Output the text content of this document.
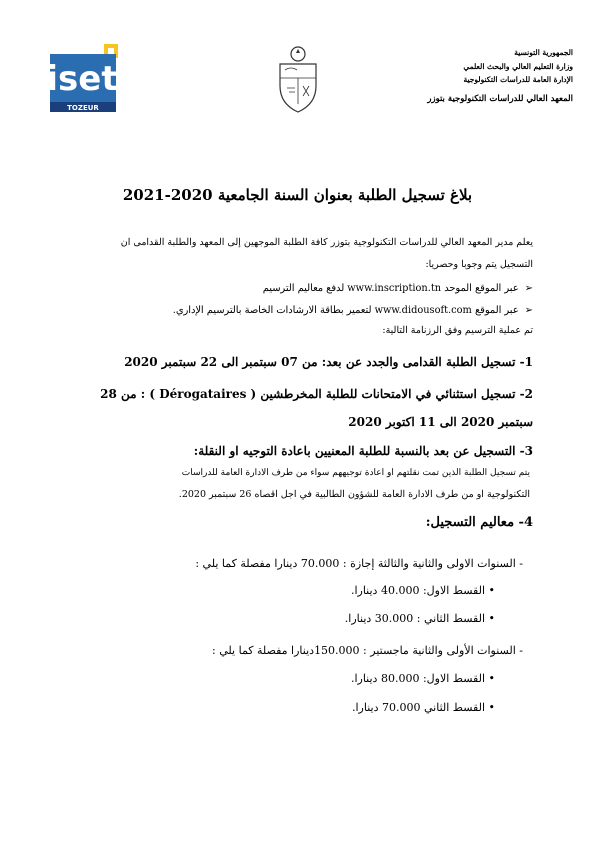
iset
TOZEUR
الجمهورية التونسية
وزارة التعليم العالي والبحث العلمي
الإدارة العامة للدراسات التكنولوجية
المعهد العالي للدراسات التكنولوجية بتوزر
بلاغ تسجيل الطلبة بعنوان السنة الجامعية 2020-2021
يعلم مدير المعهد العالي للدراسات التكنولوجية بتوزر كافة الطلبة الموجهين إلى المعهد والطلبة القدامى ان
التسجيل يتم وجوبا وحصريا:
➢
عبر الموقع الموحد www.inscription.tn لدفع معاليم الترسيم
➢
عبر الموقع www.didousoft.com لتعمير بطاقة الارشادات الخاصة بالترسيم الإداري.
تم عملية الترسيم وفق الرزنامة التالية:
1- تسجيل الطلبة القدامى والجدد عن بعد: من 07 سبتمبر الى 22 سبتمبر 2020
2- تسجيل استثنائي في الامتحانات للطلبة المخرطشين ( Dérogataires ) : من 28
سبتمبر 2020 الى 11 اكتوبر 2020
3- التسجيل عن بعد بالنسبة للطلبة المعنيين باعادة التوجيه او النقلة:
يتم تسجيل الطلبة الذين تمت نقلتهم او اعادة توجيههم سواء من طرف الادارة العامة للدراسات
التكنولوجية او من طرف الادارة العامة للشؤون الطالبية في اجل اقصاه 26 سبتمبر 2020.
4- معاليم التسجيل:
- السنوات الاولى والثانية والثالثة إجازة : 70.000 دينارا مفصلة كما يلي :
• القسط الاول: 40.000 دينارا.
• القسط الثاني : 30.000 دينارا.
- السنوات الأولى والثانية ماجستير : 150.000دينارا مفصلة كما يلي :
• القسط الاول: 80.000 دينارا.
• القسط الثاني 70.000 دينارا.
